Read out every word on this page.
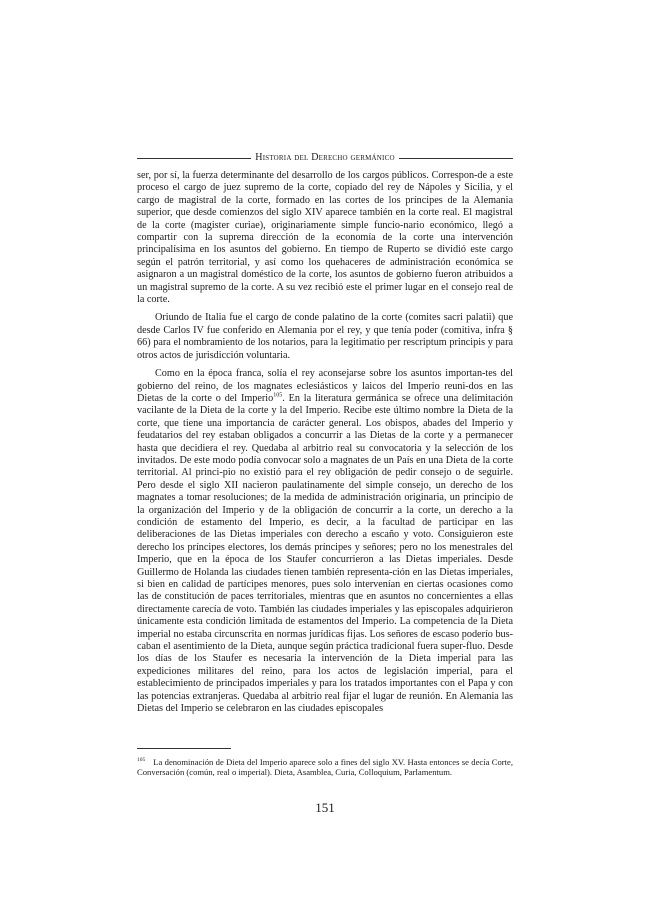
Historia del Derecho germánico

ser, por sí, la fuerza determinante del desarrollo de los cargos públicos. Correspon-de a este proceso el cargo de juez supremo de la corte, copiado del rey de Nápoles y Sicilia, y el cargo de magistral de la corte, formado en las cortes de los príncipes de la Alemania superior, que desde comienzos del siglo XIV aparece también en la corte real. El magistral de la corte (magister curiae), originariamente simple funcio-nario económico, llegó a compartir con la suprema dirección de la economía de la corte una intervención principalísima en los asuntos del gobierno. En tiempo de Ruperto se dividió este cargo según el patrón territorial, y así como los quehaceres de administración económica se asignaron a un magistral doméstico de la corte, los asuntos de gobierno fueron atribuidos a un magistral supremo de la corte. A su vez recibió este el primer lugar en el consejo real de la corte.

Oriundo de Italia fue el cargo de conde palatino de la corte (comites sacri palatii) que desde Carlos IV fue conferido en Alemania por el rey, y que tenía poder (comitiva, infra § 66) para el nombramiento de los notarios, para la legitimatio per rescriptum principis y para otros actos de jurisdicción voluntaria.

Como en la época franca, solía el rey aconsejarse sobre los asuntos importan-tes del gobierno del reino, de los magnates eclesiásticos y laicos del Imperio reuni-dos en las Dietas de la corte o del Imperio$^{105}$. En la literatura germánica se ofrece una delimitación vacilante de la Dieta de la corte y la del Imperio. Recibe este último nombre la Dieta de la corte, que tiene una importancia de carácter general. Los obispos, abades del Imperio y feudatarios del rey estaban obligados a concurrir a las Dietas de la corte y a permanecer hasta que decidiera el rey. Quedaba al arbitrio real su convocatoria y la selección de los invitados. De este modo podía convocar solo a magnates de un País en una Dieta de la corte territorial. Al princi-pio no existió para el rey obligación de pedir consejo o de seguirle. Pero desde el siglo XII nacieron paulatinamente del simple consejo, un derecho de los magnates a tomar resoluciones; de la medida de administración originaria, un principio de la organización del Imperio y de la obligación de concurrir a la corte, un derecho a la condición de estamento del Imperio, es decir, a la facultad de participar en las deliberaciones de las Dietas imperiales con derecho a escaño y voto. Consiguieron este derecho los príncipes electores, los demás príncipes y señores; pero no los menestrales del Imperio, que en la época de los Staufer concurrieron a las Dietas imperiales. Desde Guillermo de Holanda las ciudades tienen también representa-ción en las Dietas imperiales, si bien en calidad de partícipes menores, pues solo intervenían en ciertas ocasiones como las de constitución de paces territoriales, mientras que en asuntos no concernientes a ellas directamente carecía de voto. También las ciudades imperiales y las episcopales adquirieron únicamente esta condición limitada de estamentos del Imperio. La competencia de la Dieta imperial no estaba circunscrita en normas jurídicas fijas. Los señores de escaso poderío bus-caban el asentimiento de la Dieta, aunque según práctica tradicional fuera super-fluo. Desde los días de los Staufer es necesaria la intervención de la Dieta imperial para las expediciones militares del reino, para los actos de legislación imperial, para el establecimiento de principados imperiales y para los tratados importantes con el Papa y con las potencias extranjeras. Quedaba al arbitrio real fijar el lugar de reunión. En Alemania las Dietas del Imperio se celebraron en las ciudades episcopales

$^{105}$ La denominación de Dieta del Imperio aparece solo a fines del siglo XV. Hasta entonces se decía Corte, Conversación (común, real o imperial). Dieta, Asamblea, Curia, Colloquium, Parlamentum.
151
